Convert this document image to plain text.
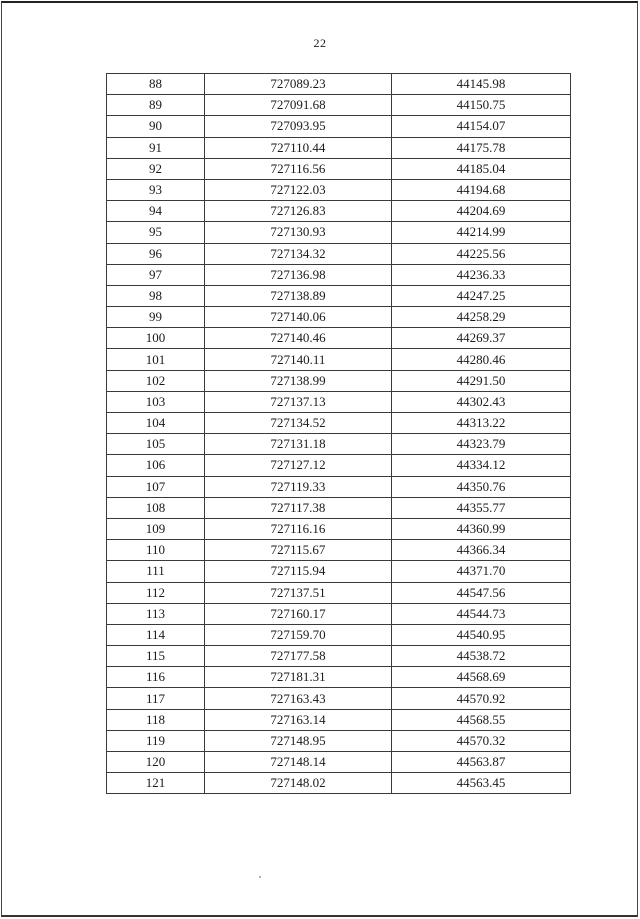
22
88	727089.23	44145.98
89	727091.68	44150.75
90	727093.95	44154.07
91	727110.44	44175.78
92	727116.56	44185.04
93	727122.03	44194.68
94	727126.83	44204.69
95	727130.93	44214.99
96	727134.32	44225.56
97	727136.98	44236.33
98	727138.89	44247.25
99	727140.06	44258.29
100	727140.46	44269.37
101	727140.11	44280.46
102	727138.99	44291.50
103	727137.13	44302.43
104	727134.52	44313.22
105	727131.18	44323.79
106	727127.12	44334.12
107	727119.33	44350.76
108	727117.38	44355.77
109	727116.16	44360.99
110	727115.67	44366.34
111	727115.94	44371.70
112	727137.51	44547.56
113	727160.17	44544.73
114	727159.70	44540.95
115	727177.58	44538.72
116	727181.31	44568.69
117	727163.43	44570.92
118	727163.14	44568.55
119	727148.95	44570.32
120	727148.14	44563.87
121	727148.02	44563.45
